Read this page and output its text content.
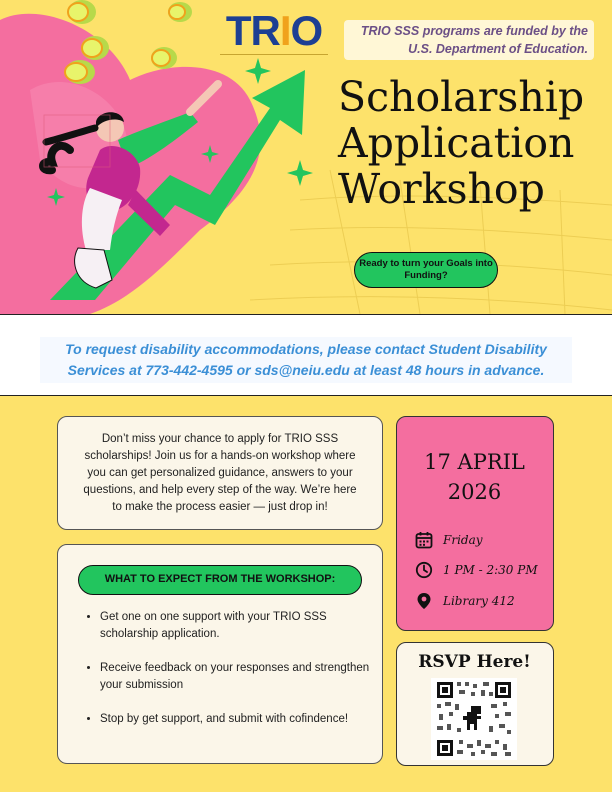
TRIO	TRIO SSS programs are funded by the U.S. Department of Education.
Scholarship
Application
Workshop
Ready to turn your Goals into Funding?
To request disability accommodations, please contact Student Disability Services at 773-442-4595 or sds@neiu.edu at least 48 hours in advance.
Don’t miss your chance to apply for TRIO SSS scholarships! Join us for a hands-on workshop where you can get personalized guidance, answers to your questions, and help every step of the way. We’re here to make the process easier — just drop in!
WHAT TO EXPECT FROM THE WORKSHOP:
• Get one on one support with your TRIO SSS scholarship application.
• Receive feedback on your responses and strengthen your submission
• Stop by get support, and submit with cofindence!
17 APRIL
2026
Friday
1 PM - 2:30 PM
Library 412
RSVP Here!
